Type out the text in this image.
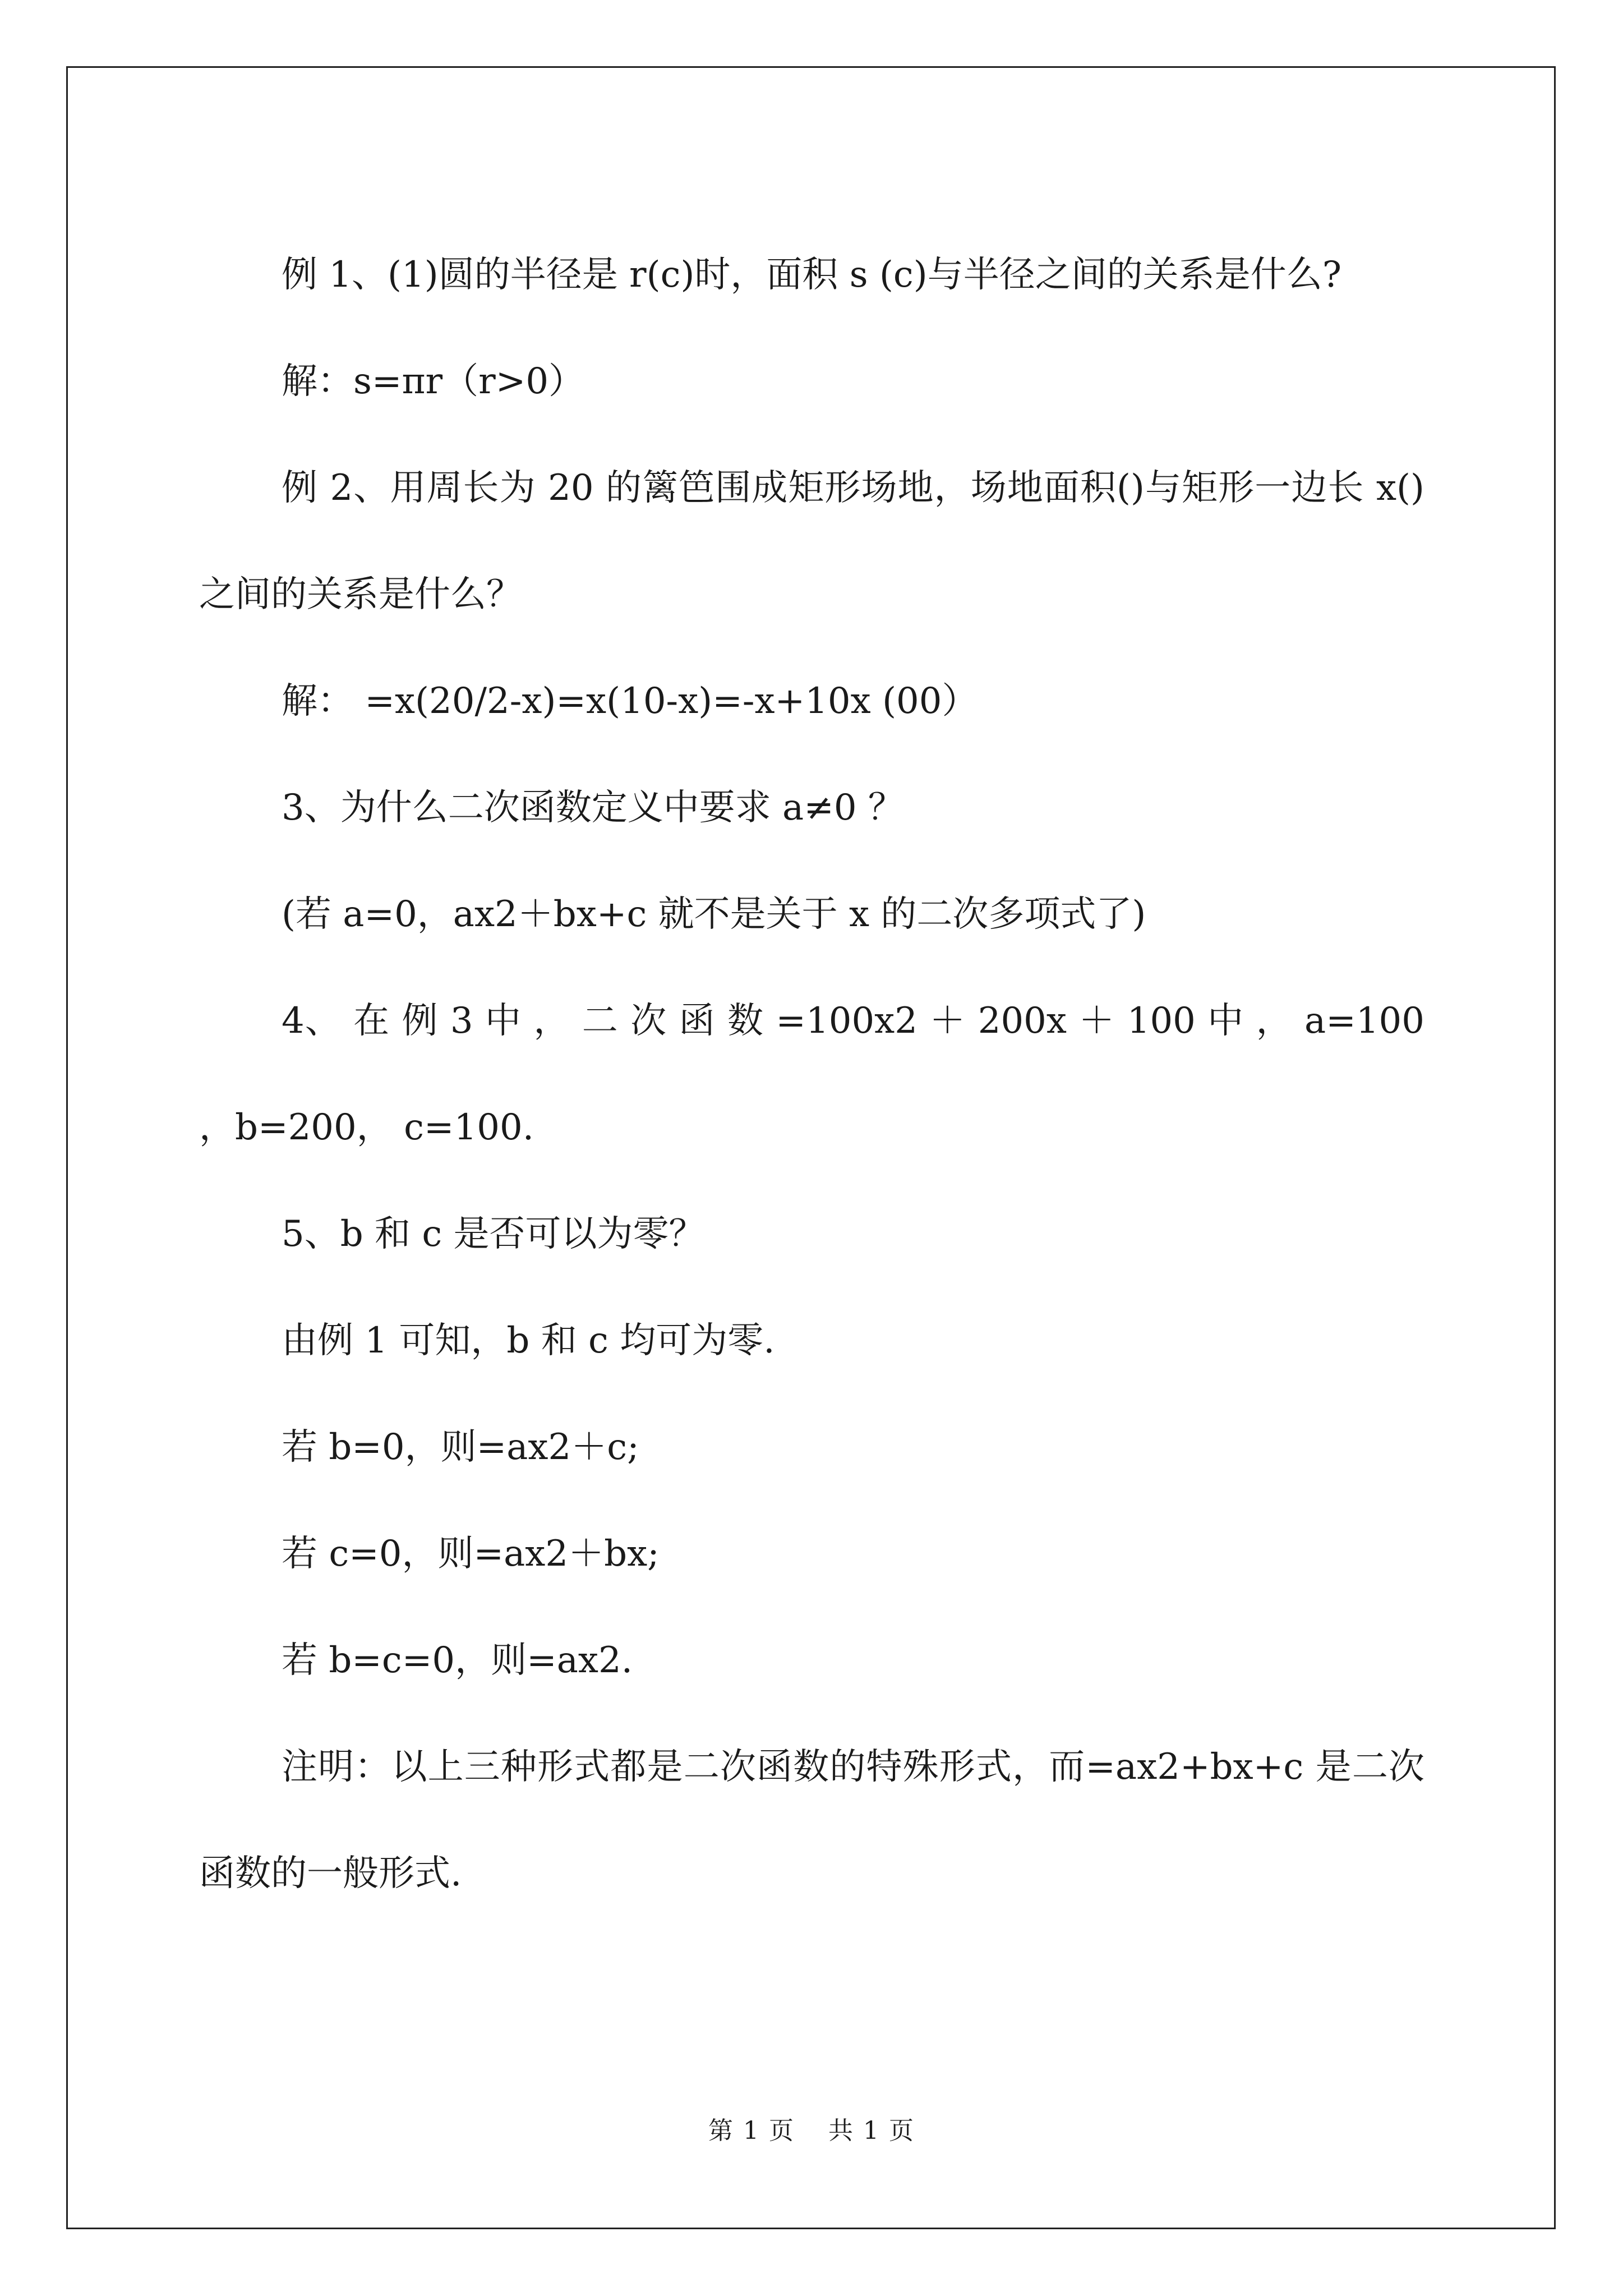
例 1、(1)圆的半径是 r(c)时，面积 s (c)与半径之间的关系是什么?
解：s=πr（r>0）
例 2、用周长为 20 的篱笆围成矩形场地，场地面积()与矩形一边长 x()之间的关系是什么？
解： =x(20/2-x)=x(10-x)=-x+10x (00）
3、为什么二次函数定义中要求 a≠0 ？
(若 a=0，ax2＋bx+c 就不是关于 x 的二次多项式了)
4、 在 例 3 中 ， 二 次 函 数 =100x2 ＋ 200x ＋ 100 中 ， a=100 ，b=200， c=100.
5、b 和 c 是否可以为零？
由例 1 可知，b 和 c 均可为零.
若 b=0，则=ax2＋c;
若 c=0，则=ax2＋bx;
若 b=c=0，则=ax2.
注明：以上三种形式都是二次函数的特殊形式，而=ax2+bx+c 是二次函数的一般形式.
第 1 页 共 1 页
